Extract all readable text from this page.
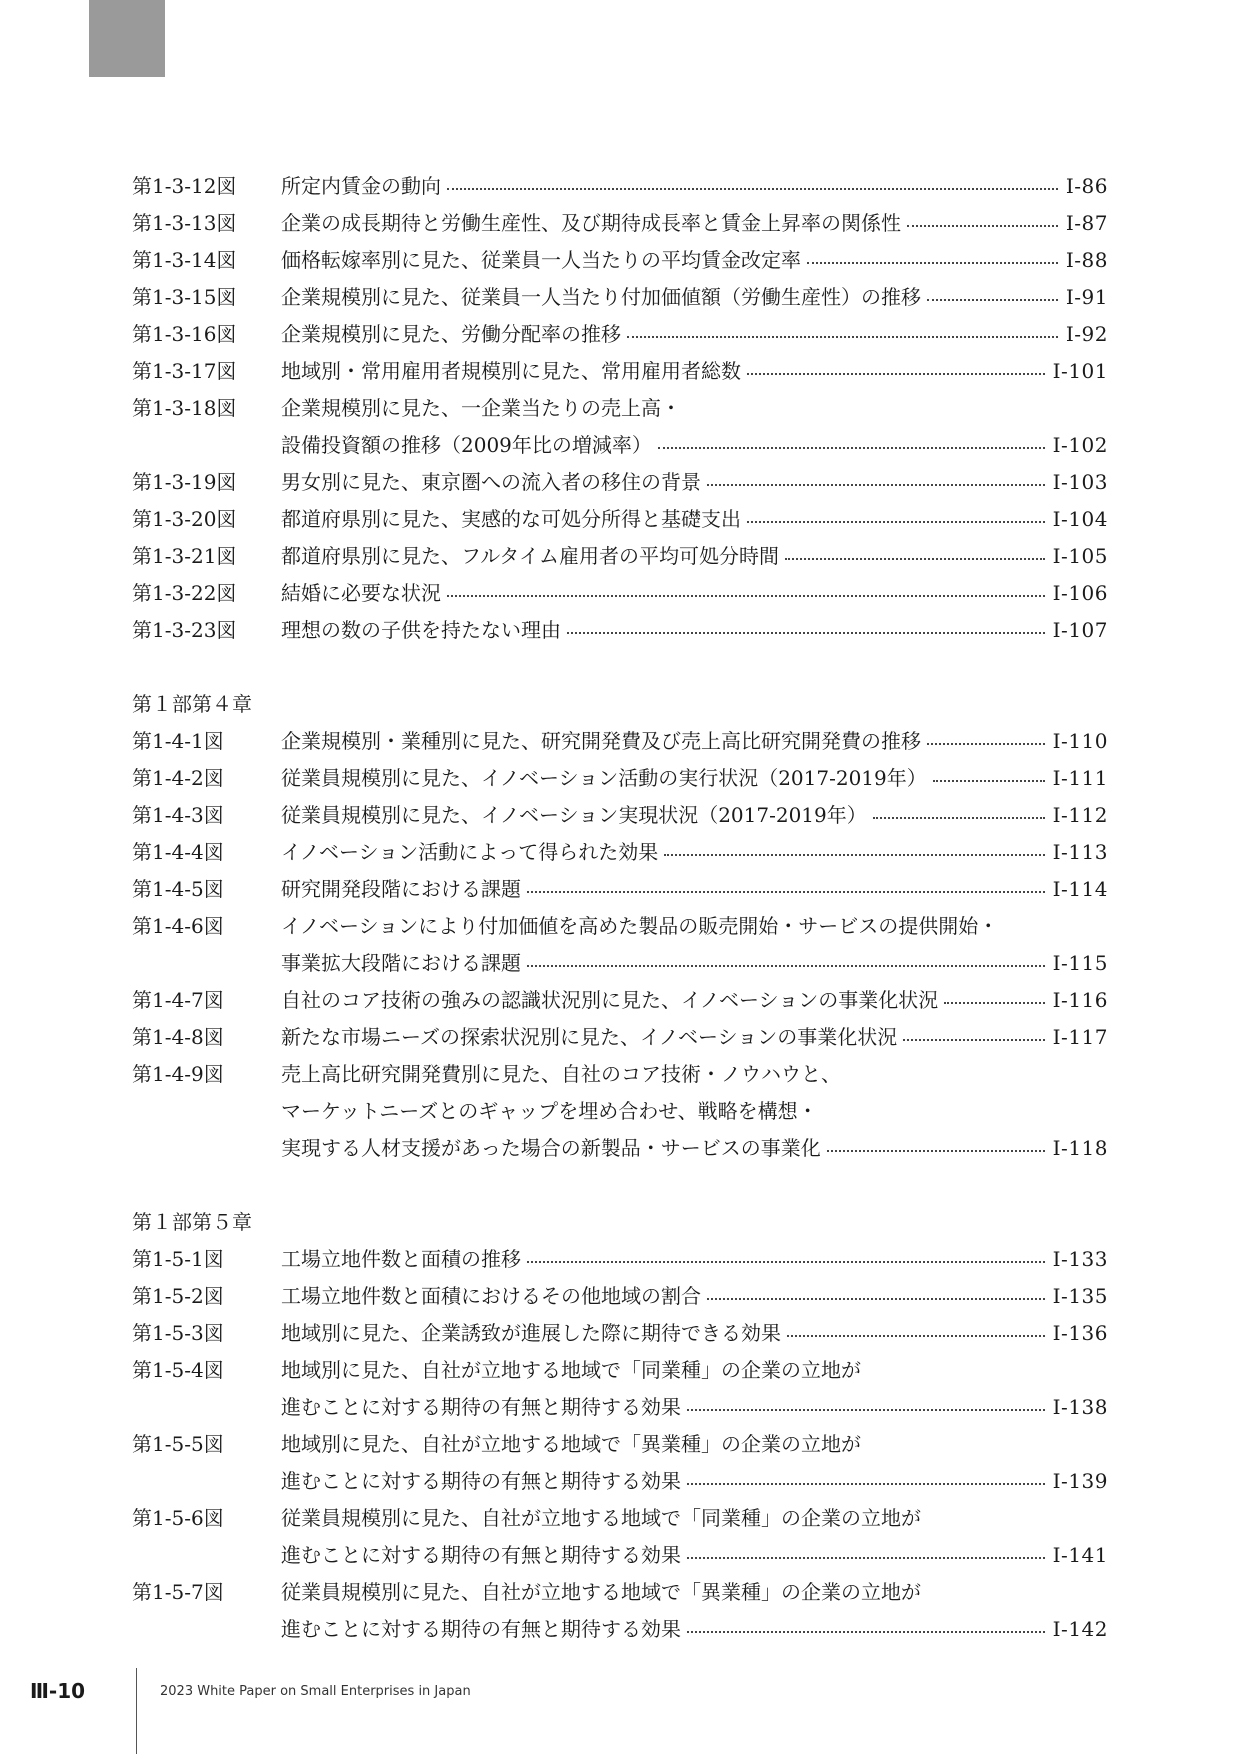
第1-3-12図	所定内賃金の動向	Ⅰ-86
第1-3-13図	企業の成長期待と労働生産性、及び期待成長率と賃金上昇率の関係性	Ⅰ-87
第1-3-14図	価格転嫁率別に見た、従業員一人当たりの平均賃金改定率	Ⅰ-88
第1-3-15図	企業規模別に見た、従業員一人当たり付加価値額（労働生産性）の推移	Ⅰ-91
第1-3-16図	企業規模別に見た、労働分配率の推移	Ⅰ-92
第1-3-17図	地域別・常用雇用者規模別に見た、常用雇用者総数	Ⅰ-101
第1-3-18図	企業規模別に見た、一企業当たりの売上高・
設備投資額の推移（2009年比の増減率）	Ⅰ-102
第1-3-19図	男女別に見た、東京圏への流入者の移住の背景	Ⅰ-103
第1-3-20図	都道府県別に見た、実感的な可処分所得と基礎支出	Ⅰ-104
第1-3-21図	都道府県別に見た、フルタイム雇用者の平均可処分時間	Ⅰ-105
第1-3-22図	結婚に必要な状況	Ⅰ-106
第1-3-23図	理想の数の子供を持たない理由	Ⅰ-107
第１部第４章
第1-4-1図	企業規模別・業種別に見た、研究開発費及び売上高比研究開発費の推移	Ⅰ-110
第1-4-2図	従業員規模別に見た、イノベーション活動の実行状況（2017-2019年）	Ⅰ-111
第1-4-3図	従業員規模別に見た、イノベーション実現状況（2017-2019年）	Ⅰ-112
第1-4-4図	イノベーション活動によって得られた効果	Ⅰ-113
第1-4-5図	研究開発段階における課題	Ⅰ-114
第1-4-6図	イノベーションにより付加価値を高めた製品の販売開始・サービスの提供開始・
事業拡大段階における課題	Ⅰ-115
第1-4-7図	自社のコア技術の強みの認識状況別に見た、イノベーションの事業化状況	Ⅰ-116
第1-4-8図	新たな市場ニーズの探索状況別に見た、イノベーションの事業化状況	Ⅰ-117
第1-4-9図	売上高比研究開発費別に見た、自社のコア技術・ノウハウと、
マーケットニーズとのギャップを埋め合わせ、戦略を構想・
実現する人材支援があった場合の新製品・サービスの事業化	Ⅰ-118
第１部第５章
第1-5-1図	工場立地件数と面積の推移	Ⅰ-133
第1-5-2図	工場立地件数と面積におけるその他地域の割合	Ⅰ-135
第1-5-3図	地域別に見た、企業誘致が進展した際に期待できる効果	Ⅰ-136
第1-5-4図	地域別に見た、自社が立地する地域で「同業種」の企業の立地が
進むことに対する期待の有無と期待する効果	Ⅰ-138
第1-5-5図	地域別に見た、自社が立地する地域で「異業種」の企業の立地が
進むことに対する期待の有無と期待する効果	Ⅰ-139
第1-5-6図	従業員規模別に見た、自社が立地する地域で「同業種」の企業の立地が
進むことに対する期待の有無と期待する効果	Ⅰ-141
第1-5-7図	従業員規模別に見た、自社が立地する地域で「異業種」の企業の立地が
進むことに対する期待の有無と期待する効果	Ⅰ-142
Ⅲ-10	2023 White Paper on Small Enterprises in Japan
